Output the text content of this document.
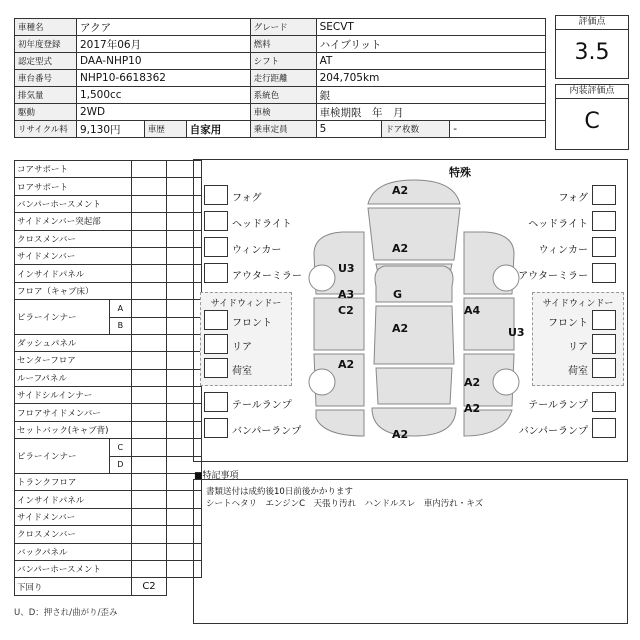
車種名	アクア			グレード	SECVT		
初年度登録	2017年06月			燃料	ハイブリット		
認定型式	DAA-NHP10			シフト	AT		
車台番号	NHP10-6618362			走行距離	204,705km		
排気量	1,500cc			系統色	銀		
駆動	2WD			車検	車検期限　年　月		
リサイクル料	9,130円	車歴	自家用	乗車定員	5	ドア枚数	-
評価点
3.5
内装評価点
C
コアサポート			
ロアサポート			
バンパーホースメント			
サイドメンバー突起部			
クロスメンバー			
サイドメンバー			
インサイドパネル			
フロア（キャブ床）			
ピラーインナー	A		
	B		
ダッシュパネル			
センターフロア			
ルーフパネル			
サイドシルインナー			
フロアサイドメンバー			
セットバック(キャブ背)			
ピラーインナー	C		
	D		
トランクフロア			
インサイドパネル			
サイドメンバー			
クロスメンバー			
バックパネル			
バンパーホースメント			
下回り		C2	
U、D：押され/曲がり/歪み
特殊
A2
A2
U3
A3
C2
G
A2
A4
U3
A2
A2
A2
A2
フォグ
ヘッドライト
ウィンカー
アウターミラー
フォグ
ヘッドライト
ウィンカー
アウターミラー
サイドウィンドー
フロント
リア
荷室
サイドウィンドー
フロント
リア
荷室
テールランプ
バンパーランプ
テールランプ
バンパーランプ
■特記事項
書類送付は成約後10日前後かかります
シートヘタリ　エンジンC　天張り汚れ　ハンドルスレ　車内汚れ・キズ
